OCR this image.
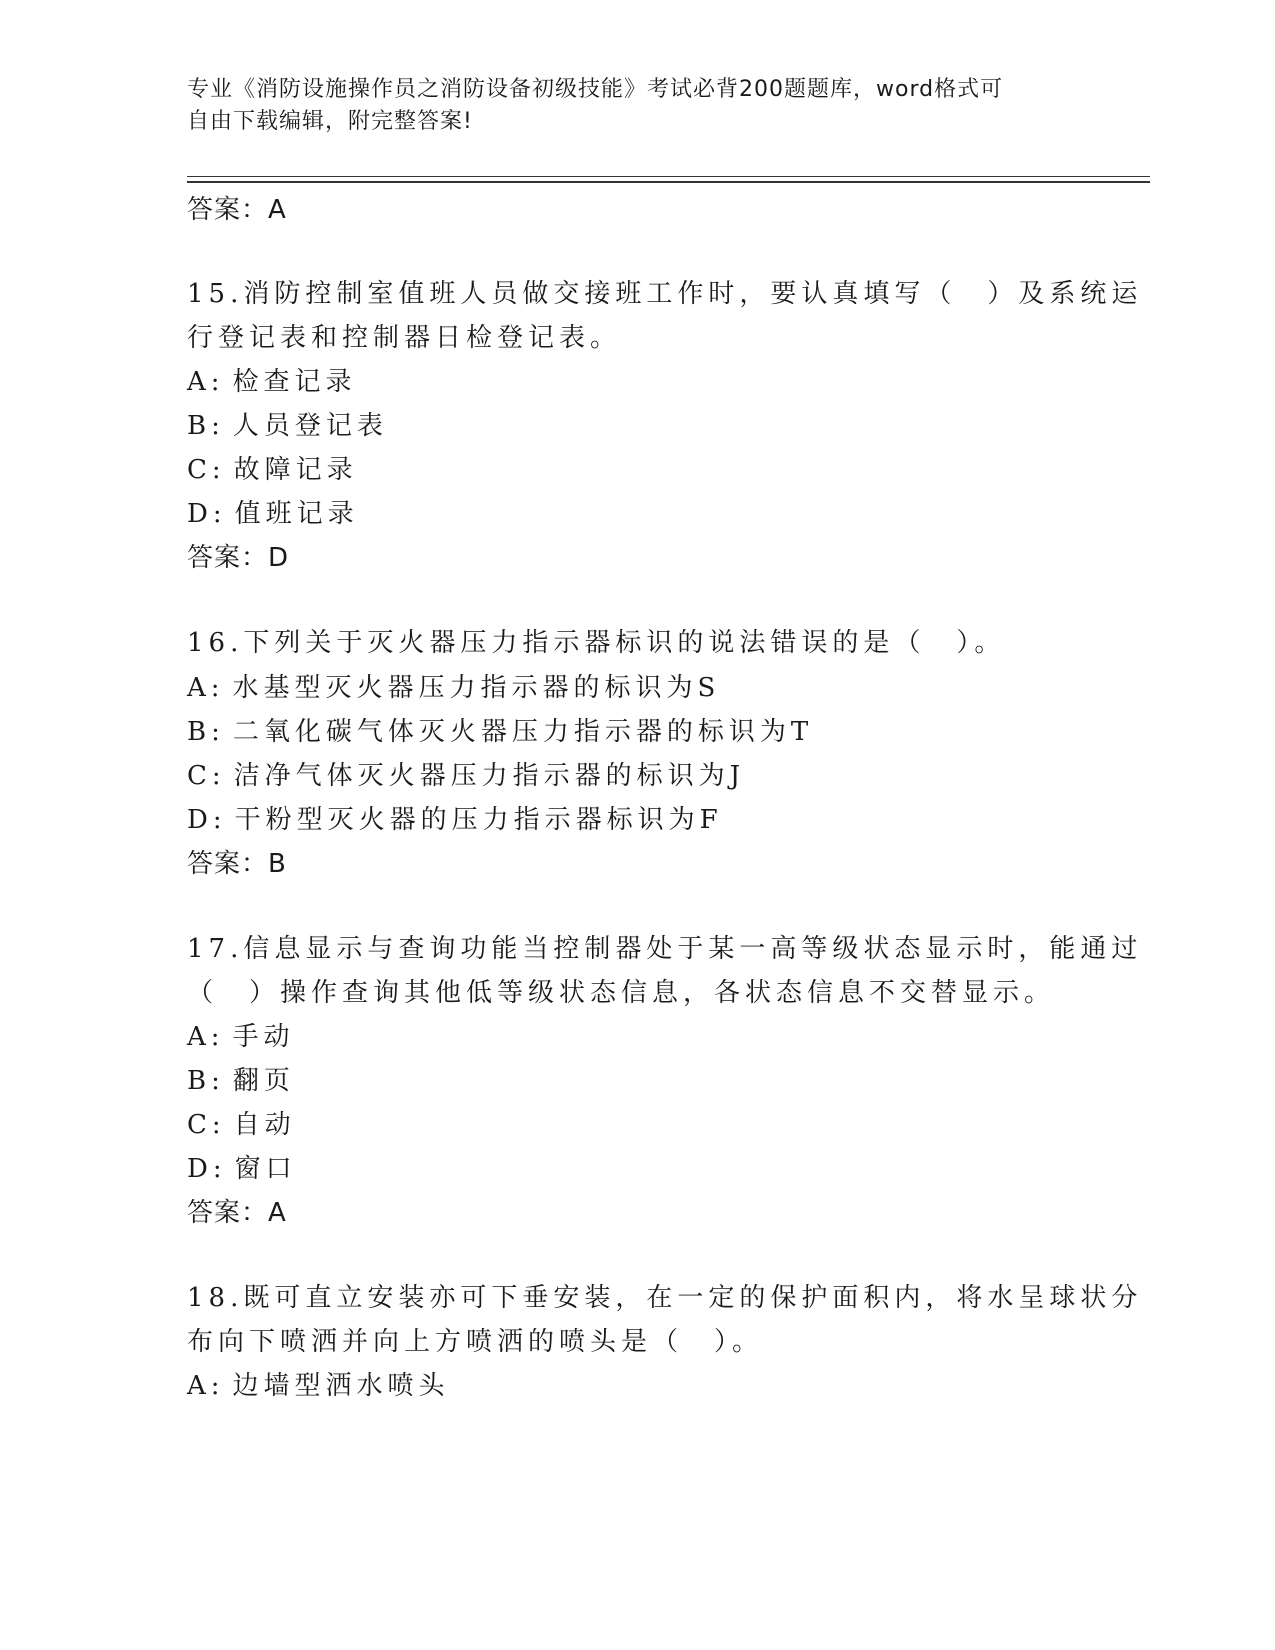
专业《消防设施操作员之消防设备初级技能》考试必背200题题库，word格式可
自由下载编辑，附完整答案!
答案：A
15.消防控制室值班人员做交接班工作时，要认真填写（　）及系统运
行登记表和控制器日检登记表。
A: 检查记录
B: 人员登记表
C: 故障记录
D: 值班记录
答案：D
16.下列关于灭火器压力指示器标识的说法错误的是（　）。
A: 水基型灭火器压力指示器的标识为S
B: 二氧化碳气体灭火器压力指示器的标识为T
C: 洁净气体灭火器压力指示器的标识为J
D: 干粉型灭火器的压力指示器标识为F
答案：B
17.信息显示与查询功能当控制器处于某一高等级状态显示时，能通过
（　）操作查询其他低等级状态信息，各状态信息不交替显示。
A: 手动
B: 翻页
C: 自动
D: 窗口
答案：A
18.既可直立安装亦可下垂安装，在一定的保护面积内，将水呈球状分
布向下喷洒并向上方喷洒的喷头是（　）。
A: 边墙型洒水喷头
